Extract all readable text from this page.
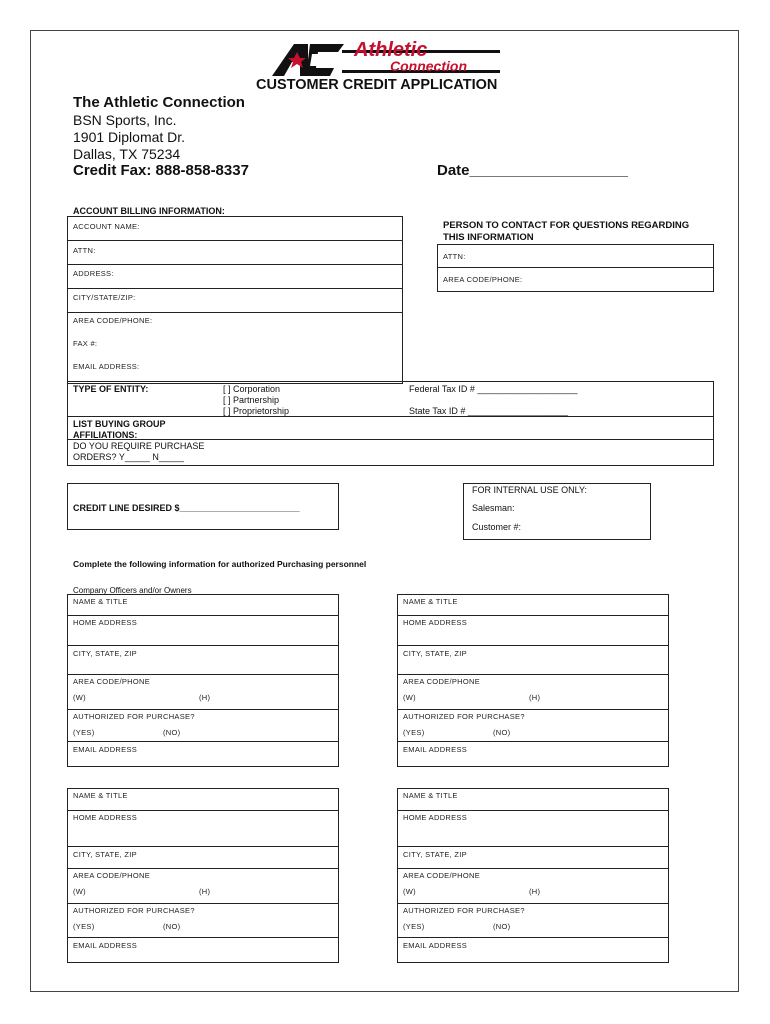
Athletic
Connection
CUSTOMER CREDIT APPLICATION
The Athletic Connection
BSN Sports, Inc.
1901 Diplomat Dr.
Dallas, TX 75234
Credit Fax: 888-858-8337	Date___________________
ACCOUNT BILLING INFORMATION:
ACCOUNT NAME:
ATTN:
ADDRESS:
CITY/STATE/ZIP:
AREA CODE/PHONE:
FAX #:
EMAIL ADDRESS:
PERSON TO CONTACT FOR QUESTIONS REGARDING THIS INFORMATION
ATTN:
AREA CODE/PHONE:
TYPE OF ENTITY:	[ ] Corporation
[ ] Partnership
[ ] Proprietorship
Federal Tax ID # ____________________
State Tax ID # ____________________
LIST BUYING GROUP AFFILIATIONS:
DO YOU REQUIRE PURCHASE ORDERS? Y_____ N_____
CREDIT LINE DESIRED $________________________
FOR INTERNAL USE ONLY:
Salesman:
Customer #:
Complete the following information for authorized Purchasing personnel
Company Officers and/or Owners
NAME & TITLE
HOME ADDRESS
CITY, STATE, ZIP
AREA CODE/PHONE
(W)	(H)
AUTHORIZED FOR PURCHASE?
(YES)	(NO)
EMAIL ADDRESS
NAME & TITLE
HOME ADDRESS
CITY, STATE, ZIP
AREA CODE/PHONE
(W)	(H)
AUTHORIZED FOR PURCHASE?
(YES)	(NO)
EMAIL ADDRESS
NAME & TITLE
HOME ADDRESS
CITY, STATE, ZIP
AREA CODE/PHONE
(W)	(H)
AUTHORIZED FOR PURCHASE?
(YES)	(NO)
EMAIL ADDRESS
NAME & TITLE
HOME ADDRESS
CITY, STATE, ZIP
AREA CODE/PHONE
(W)	(H)
AUTHORIZED FOR PURCHASE?
(YES)	(NO)
EMAIL ADDRESS
